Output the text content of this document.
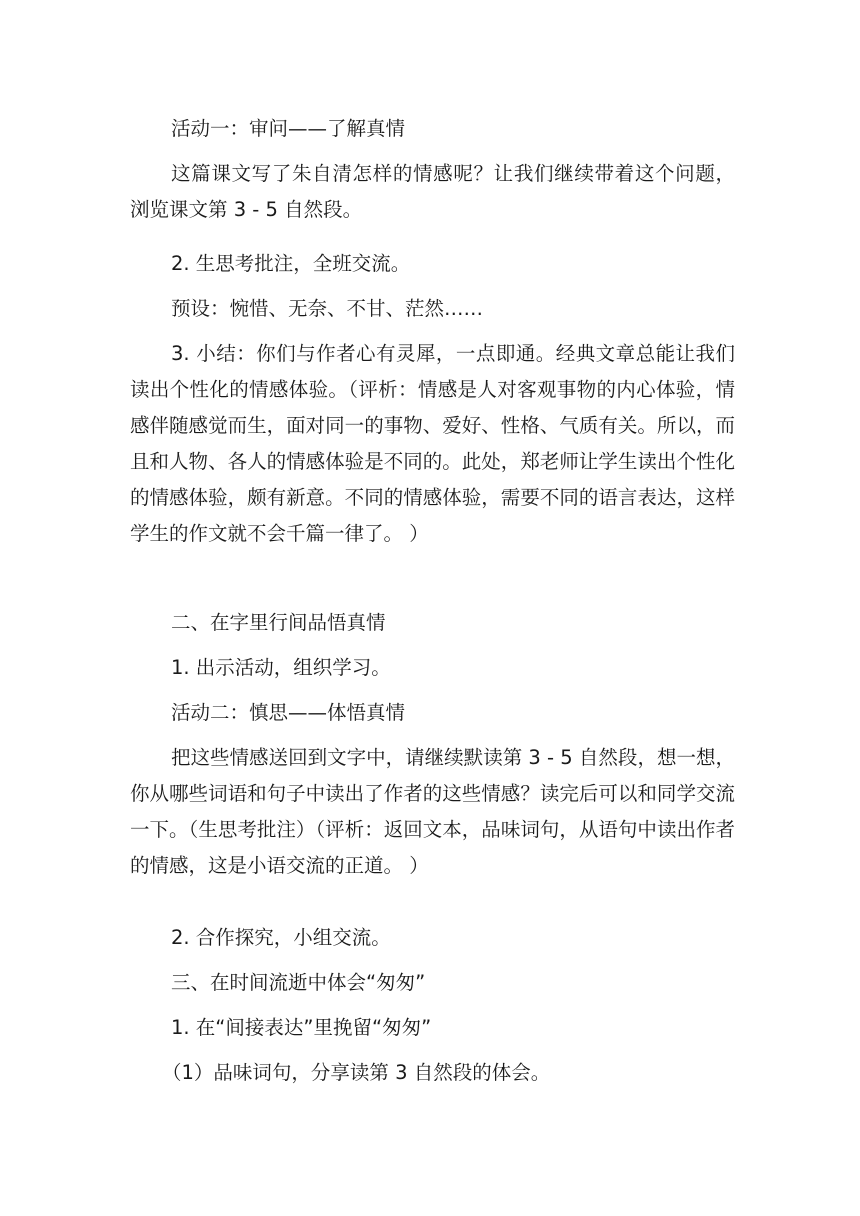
活动一：审问——了解真情

这篇课文写了朱自清怎样的情感呢？让我们继续带着这个问题，浏览课文第 3 - 5 自然段。

2. 生思考批注，全班交流。

预设：惋惜、无奈、不甘、茫然……

3. 小结：你们与作者心有灵犀，一点即通。经典文章总能让我们读出个性化的情感体验。（评析：情感是人对客观事物的内心体验，情感伴随感觉而生，面对同一的事物、爱好、性格、气质有关。所以，而且和人物、各人的情感体验是不同的。此处，郑老师让学生读出个性化的情感体验，颇有新意。不同的情感体验，需要不同的语言表达，这样学生的作文就不会千篇一律了。 ）

二、在字里行间品悟真情

1. 出示活动，组织学习。

活动二：慎思——体悟真情

把这些情感送回到文字中，请继续默读第 3 - 5 自然段，想一想，你从哪些词语和句子中读出了作者的这些情感？读完后可以和同学交流一下。（生思考批注）（评析：返回文本，品味词句，从语句中读出作者的情感，这是小语交流的正道。 ）

2. 合作探究，小组交流。

三、在时间流逝中体会“匆匆”

1. 在“间接表达”里挽留“匆匆”

（1）品味词句，分享读第 3 自然段的体会。
